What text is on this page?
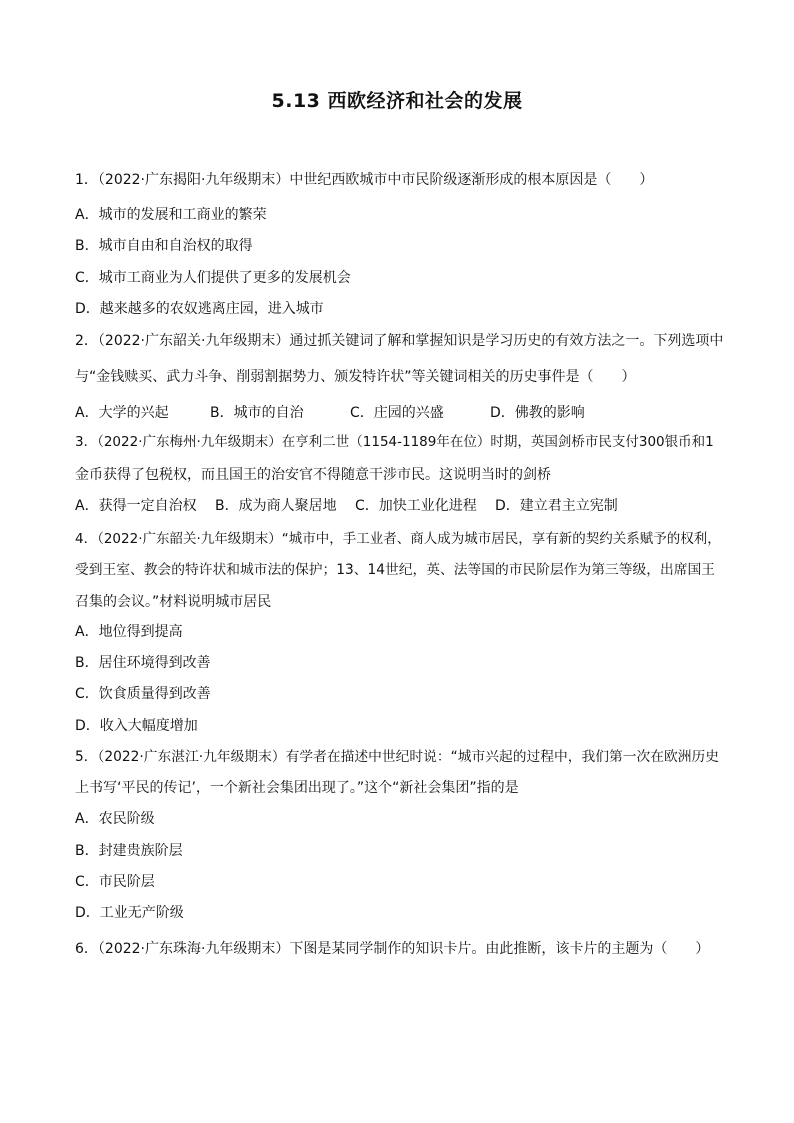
5.13 西欧经济和社会的发展
1．（2022·广东揭阳·九年级期末）中世纪西欧城市中市民阶级逐渐形成的根本原因是（　　）
A．城市的发展和工商业的繁荣
B．城市自由和自治权的取得
C．城市工商业为人们提供了更多的发展机会
D．越来越多的农奴逃离庄园，进入城市
2．（2022·广东韶关·九年级期末）通过抓关键词了解和掌握知识是学习历史的有效方法之一。下列选项中
与“金钱赎买、武力斗争、削弱割据势力、颁发特许状”等关键词相关的历史事件是（　　）
A．大学的兴起	B．城市的自治	C．庄园的兴盛	D．佛教的影响
3．（2022·广东梅州·九年级期末）在亨利二世（1154-1189年在位）时期，英国剑桥市民支付300银币和1
金币获得了包税权，而且国王的治安官不得随意干涉市民。这说明当时的剑桥
A．获得一定自治权 B．成为商人聚居地 C．加快工业化进程 D．建立君主立宪制
4．（2022·广东韶关·九年级期末）“城市中，手工业者、商人成为城市居民，享有新的契约关系赋予的权利，
受到王室、教会的特许状和城市法的保护；13、14世纪，英、法等国的市民阶层作为第三等级，出席国王
召集的会议。”材料说明城市居民
A．地位得到提高
B．居住环境得到改善
C．饮食质量得到改善
D．收入大幅度增加
5．（2022·广东湛江·九年级期末）有学者在描述中世纪时说：“城市兴起的过程中，我们第一次在欧洲历史
上书写‘平民的传记’，一个新社会集团出现了。”这个“新社会集团”指的是
A．农民阶级
B．封建贵族阶层
C．市民阶层
D．工业无产阶级
6．（2022·广东珠海·九年级期末）下图是某同学制作的知识卡片。由此推断，该卡片的主题为（　　）
